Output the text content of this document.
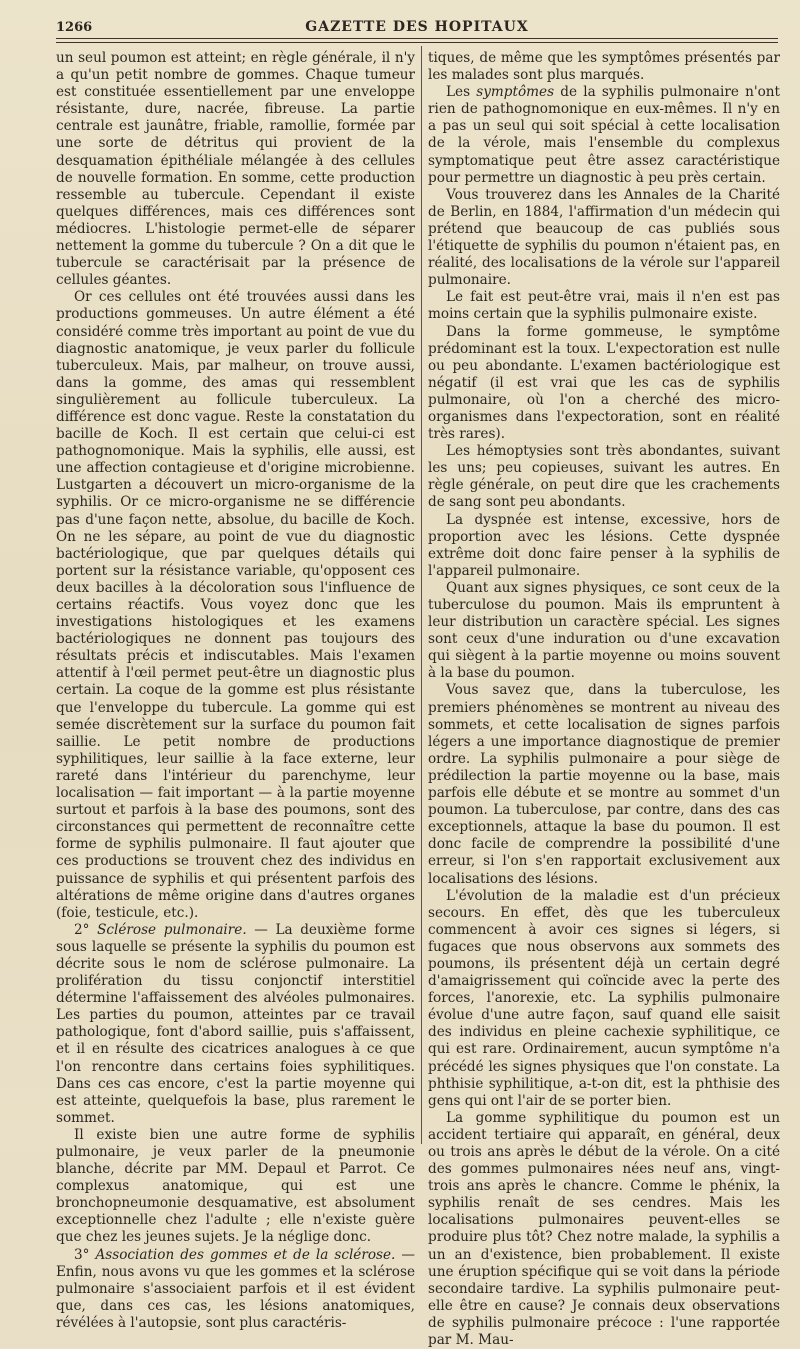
1266	GAZETTE DES HOPITAUX

un seul poumon est atteint; en règle générale, il n'y a qu'un petit nombre de gommes. Chaque tumeur est constituée essentiellement par une enveloppe résistante, dure, nacrée, fibreuse. La partie centrale est jaunâtre, friable, ramollie, formée par une sorte de détritus qui provient de la desquamation épithéliale mélangée à des cellules de nouvelle formation. En somme, cette production ressemble au tubercule. Cependant il existe quelques différences, mais ces différences sont médiocres. L'histologie permet-elle de séparer nettement la gomme du tubercule ? On a dit que le tubercule se caractérisait par la présence de cellules géantes.

Or ces cellules ont été trouvées aussi dans les productions gommeuses. Un autre élément a été considéré comme très important au point de vue du diagnostic anatomique, je veux parler du follicule tuberculeux. Mais, par malheur, on trouve aussi, dans la gomme, des amas qui ressemblent singulièrement au follicule tuberculeux. La différence est donc vague. Reste la constatation du bacille de Koch. Il est certain que celui-ci est pathognomonique. Mais la syphilis, elle aussi, est une affection contagieuse et d'origine microbienne. Lustgarten a découvert un micro-organisme de la syphilis. Or ce micro-organisme ne se différencie pas d'une façon nette, absolue, du bacille de Koch. On ne les sépare, au point de vue du diagnostic bactériologique, que par quelques détails qui portent sur la résistance variable, qu'opposent ces deux bacilles à la décoloration sous l'influence de certains réactifs. Vous voyez donc que les investigations histologiques et les examens bactériologiques ne donnent pas toujours des résultats précis et indiscutables. Mais l'examen attentif à l'œil permet peut-être un diagnostic plus certain. La coque de la gomme est plus résistante que l'enveloppe du tubercule. La gomme qui est semée discrètement sur la surface du poumon fait saillie. Le petit nombre de productions syphilitiques, leur saillie à la face externe, leur rareté dans l'intérieur du parenchyme, leur localisation — fait important — à la partie moyenne surtout et parfois à la base des poumons, sont des circonstances qui permettent de reconnaître cette forme de syphilis pulmonaire. Il faut ajouter que ces productions se trouvent chez des individus en puissance de syphilis et qui présentent parfois des altérations de même origine dans d'autres organes (foie, testicule, etc.).

2° Sclérose pulmonaire. — La deuxième forme sous laquelle se présente la syphilis du poumon est décrite sous le nom de sclérose pulmonaire. La prolifération du tissu conjonctif interstitiel détermine l'affaissement des alvéoles pulmonaires. Les parties du poumon, atteintes par ce travail pathologique, font d'abord saillie, puis s'affaissent, et il en résulte des cicatrices analogues à ce que l'on rencontre dans certains foies syphilitiques. Dans ces cas encore, c'est la partie moyenne qui est atteinte, quelquefois la base, plus rarement le sommet.

Il existe bien une autre forme de syphilis pulmonaire, je veux parler de la pneumonie blanche, décrite par MM. Depaul et Parrot. Ce complexus anatomique, qui est une bronchopneumonie desquamative, est absolument exceptionnelle chez l'adulte ; elle n'existe guère que chez les jeunes sujets. Je la néglige donc.

3° Association des gommes et de la sclérose. — Enfin, nous avons vu que les gommes et la sclérose pulmonaire s'associaient parfois et il est évident que, dans ces cas, les lésions anatomiques, révélées à l'autopsie, sont plus caractéris-

tiques, de même que les symptômes présentés par les malades sont plus marqués.

Les symptômes de la syphilis pulmonaire n'ont rien de pathognomonique en eux-mêmes. Il n'y en a pas un seul qui soit spécial à cette localisation de la vérole, mais l'ensemble du complexus symptomatique peut être assez caractéristique pour permettre un diagnostic à peu près certain.

Vous trouverez dans les Annales de la Charité de Berlin, en 1884, l'affirmation d'un médecin qui prétend que beaucoup de cas publiés sous l'étiquette de syphilis du poumon n'étaient pas, en réalité, des localisations de la vérole sur l'appareil pulmonaire.

Le fait est peut-être vrai, mais il n'en est pas moins certain que la syphilis pulmonaire existe.

Dans la forme gommeuse, le symptôme prédominant est la toux. L'expectoration est nulle ou peu abondante. L'examen bactériologique est négatif (il est vrai que les cas de syphilis pulmonaire, où l'on a cherché des micro-organismes dans l'expectoration, sont en réalité très rares).

Les hémoptysies sont très abondantes, suivant les uns; peu copieuses, suivant les autres. En règle générale, on peut dire que les crachements de sang sont peu abondants.

La dyspnée est intense, excessive, hors de proportion avec les lésions. Cette dyspnée extrême doit donc faire penser à la syphilis de l'appareil pulmonaire.

Quant aux signes physiques, ce sont ceux de la tuberculose du poumon. Mais ils empruntent à leur distribution un caractère spécial. Les signes sont ceux d'une induration ou d'une excavation qui siègent à la partie moyenne ou moins souvent à la base du poumon.

Vous savez que, dans la tuberculose, les premiers phénomènes se montrent au niveau des sommets, et cette localisation de signes parfois légers a une importance diagnostique de premier ordre. La syphilis pulmonaire a pour siège de prédilection la partie moyenne ou la base, mais parfois elle débute et se montre au sommet d'un poumon. La tuberculose, par contre, dans des cas exceptionnels, attaque la base du poumon. Il est donc facile de comprendre la possibilité d'une erreur, si l'on s'en rapportait exclusivement aux localisations des lésions.

L'évolution de la maladie est d'un précieux secours. En effet, dès que les tuberculeux commencent à avoir ces signes si légers, si fugaces que nous observons aux sommets des poumons, ils présentent déjà un certain degré d'amaigrissement qui coïncide avec la perte des forces, l'anorexie, etc. La syphilis pulmonaire évolue d'une autre façon, sauf quand elle saisit des individus en pleine cachexie syphilitique, ce qui est rare. Ordinairement, aucun symptôme n'a précédé les signes physiques que l'on constate. La phthisie syphilitique, a-t-on dit, est la phthisie des gens qui ont l'air de se porter bien.

La gomme syphilitique du poumon est un accident tertiaire qui apparaît, en général, deux ou trois ans après le début de la vérole. On a cité des gommes pulmonaires nées neuf ans, vingt-trois ans après le chancre. Comme le phénix, la syphilis renaît de ses cendres. Mais les localisations pulmonaires peuvent-elles se produire plus tôt? Chez notre malade, la syphilis a un an d'existence, bien probablement. Il existe une éruption spécifique qui se voit dans la période secondaire tardive. La syphilis pulmonaire peut-elle être en cause? Je connais deux observations de syphilis pulmonaire précoce : l'une rapportée par M. Mau-
